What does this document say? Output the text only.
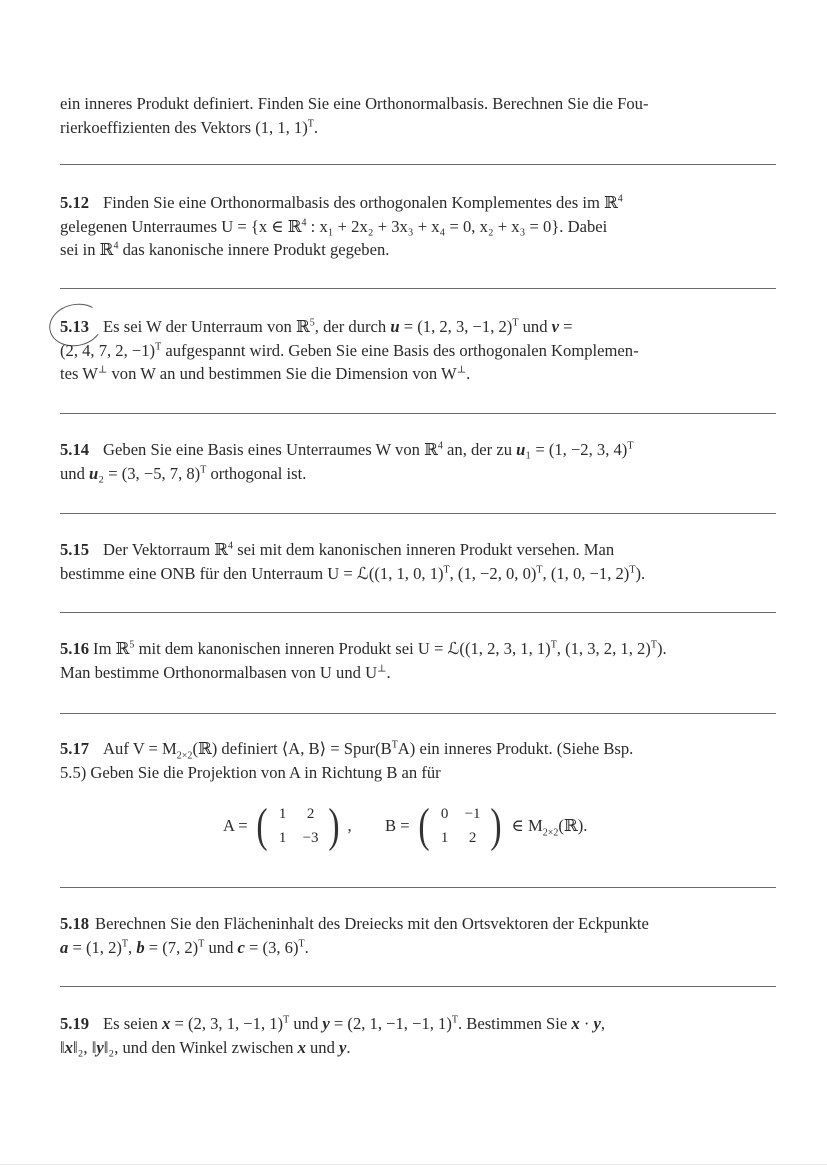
ein inneres Produkt definiert. Finden Sie eine Orthonormalbasis. Berechnen Sie die Fou-
rierkoeffizienten des Vektors (1, 1, 1)$^T$.
5.12 Finden Sie eine Orthonormalbasis des orthogonalen Komplementes des im ℝ$^4$
gelegenen Unterraumes U = {x ∈ ℝ$^4$ : x₁ + 2x₂ + 3x₃ + x₄ = 0, x₂ + x₃ = 0}. Dabei
sei in ℝ$^4$ das kanonische innere Produkt gegeben.
5.13 Es sei W der Unterraum von ℝ$^5$, der durch u = (1, 2, 3, −1, 2)$^T$ und v =
(2, 4, 7, 2, −1)$^T$ aufgespannt wird. Geben Sie eine Basis des orthogonalen Komplemen-
tes W⊥ von W an und bestimmen Sie die Dimension von W⊥.
5.14 Geben Sie eine Basis eines Unterraumes W von ℝ$^4$ an, der zu u₁ = (1, −2, 3, 4)$^T$
und u₂ = (3, −5, 7, 8)$^T$ orthogonal ist.
5.15 Der Vektorraum ℝ$^4$ sei mit dem kanonischen inneren Produkt versehen. Man
bestimme eine ONB für den Unterraum U = ℒ((1, 1, 0, 1)$^T$, (1, −2, 0, 0)$^T$, (1, 0, −1, 2)$^T$).
5.16 Im ℝ$^5$ mit dem kanonischen inneren Produkt sei U = ℒ((1, 2, 3, 1, 1)$^T$, (1, 3, 2, 1, 2)$^T$).
Man bestimme Orthonormalbasen von U und U⊥.
5.17 Auf $V = M_{2\times 2}(ℝ)$ definiert ⟨A, B⟩ = $Spur(B^TA)$ ein inneres Produkt. (Siehe Bsp.
5.5) Geben Sie die Projektion von A in Richtung B an für
A = ( 1	2
1	−3 ) , B = ( 0	−1
1	2 ) ∈ $M_{2\times 2}(ℝ)$.
5.18 Berechnen Sie den Flächeninhalt des Dreiecks mit den Ortsvektoren der Eckpunkte
a = (1, 2)$^T$, b = (7, 2)$^T$ und c = (3, 6)$^T$.
5.19 Es seien x = (2, 3, 1, −1, 1)$^T$ und y = (2, 1, −1, −1, 1)$^T$. Bestimmen Sie x · y,
‖x‖₂, ‖y‖₂, und den Winkel zwischen x und y.
